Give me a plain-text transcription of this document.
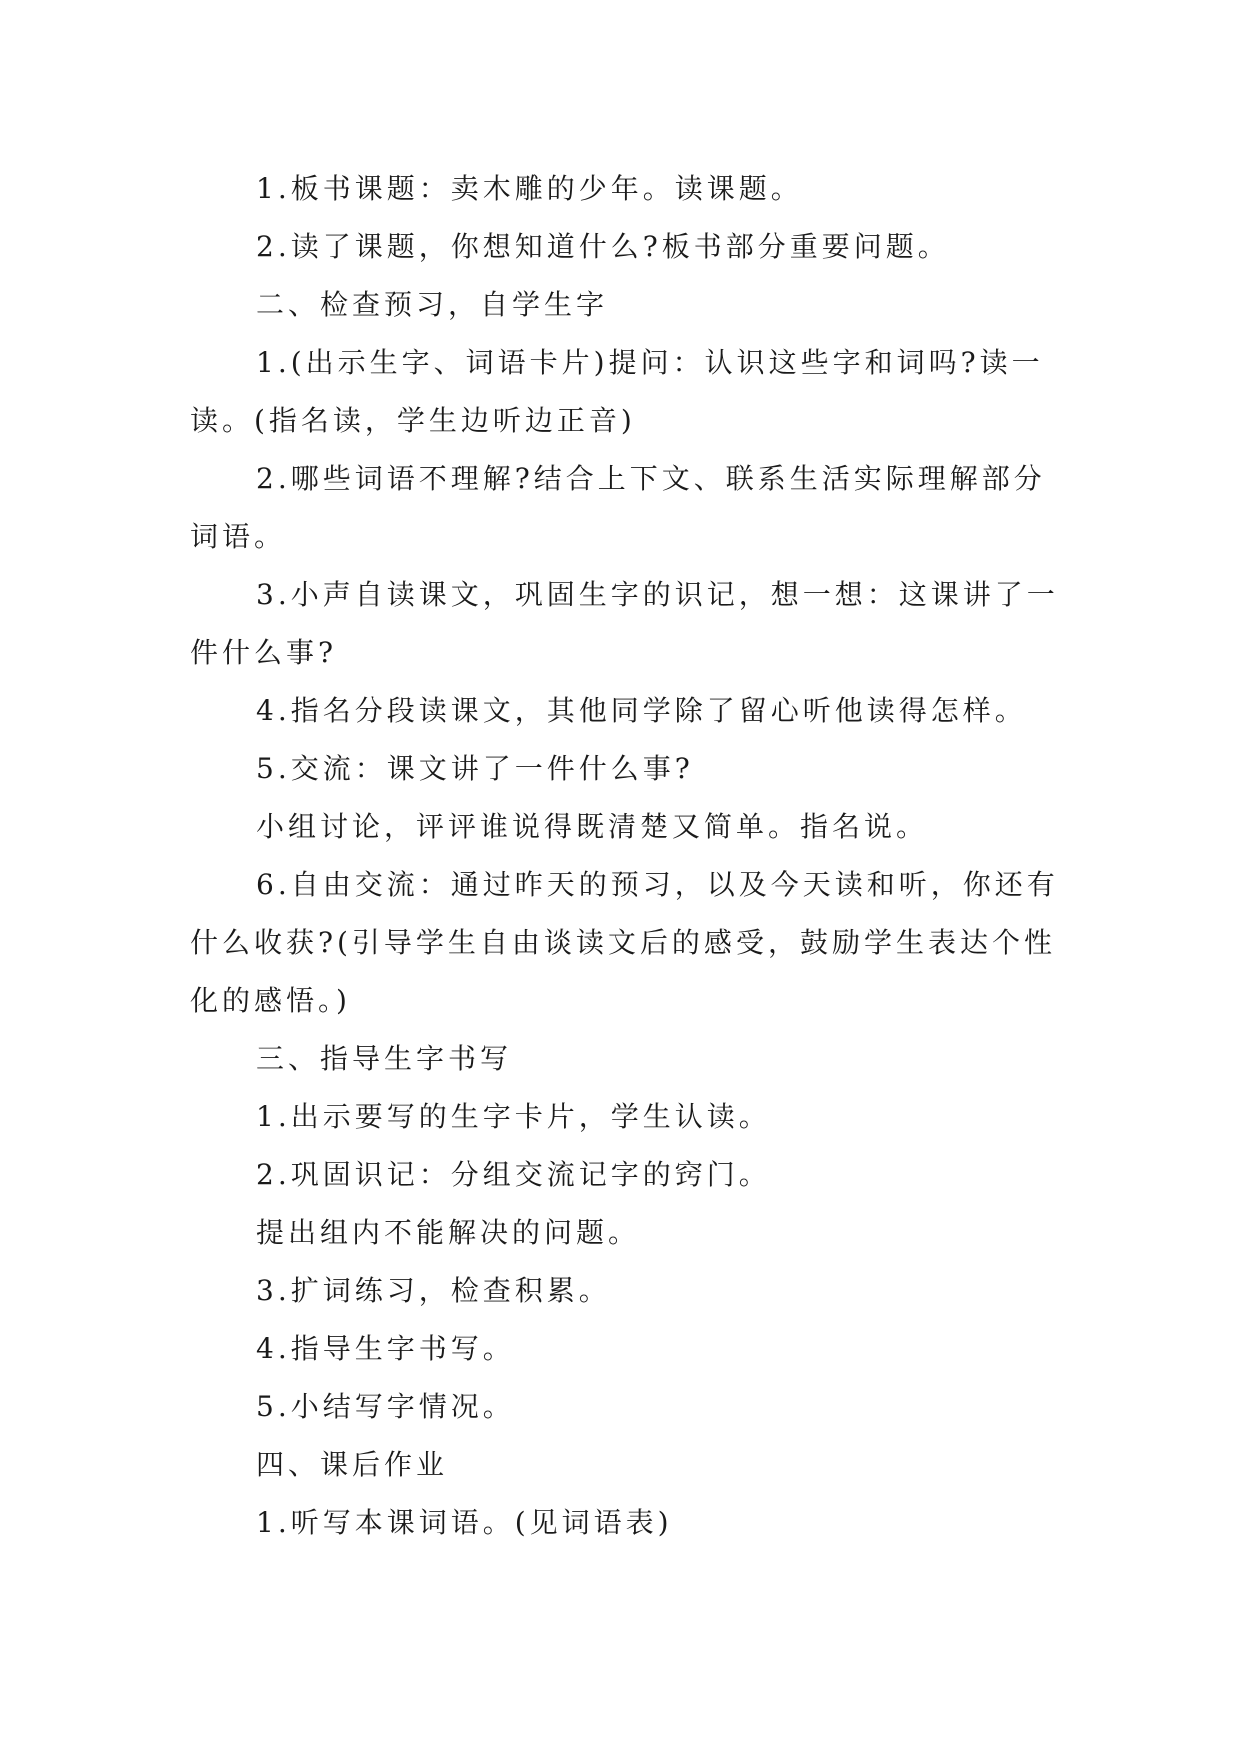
1.板书课题：卖木雕的少年。读课题。

2.读了课题，你想知道什么?板书部分重要问题。

二、检查预习，自学生字

1.(出示生字、词语卡片)提问：认识这些字和词吗?读一读。(指名读，学生边听边正音)

2.哪些词语不理解?结合上下文、联系生活实际理解部分词语。

3.小声自读课文，巩固生字的识记，想一想：这课讲了一件什么事?

4.指名分段读课文，其他同学除了留心听他读得怎样。

5.交流：课文讲了一件什么事?

小组讨论，评评谁说得既清楚又简单。指名说。

6.自由交流：通过昨天的预习，以及今天读和听，你还有什么收获?(引导学生自由谈读文后的感受，鼓励学生表达个性化的感悟。)

三、指导生字书写

1.出示要写的生字卡片，学生认读。

2.巩固识记：分组交流记字的窍门。

提出组内不能解决的问题。

3.扩词练习，检查积累。

4.指导生字书写。

5.小结写字情况。

四、课后作业

1.听写本课词语。(见词语表)
